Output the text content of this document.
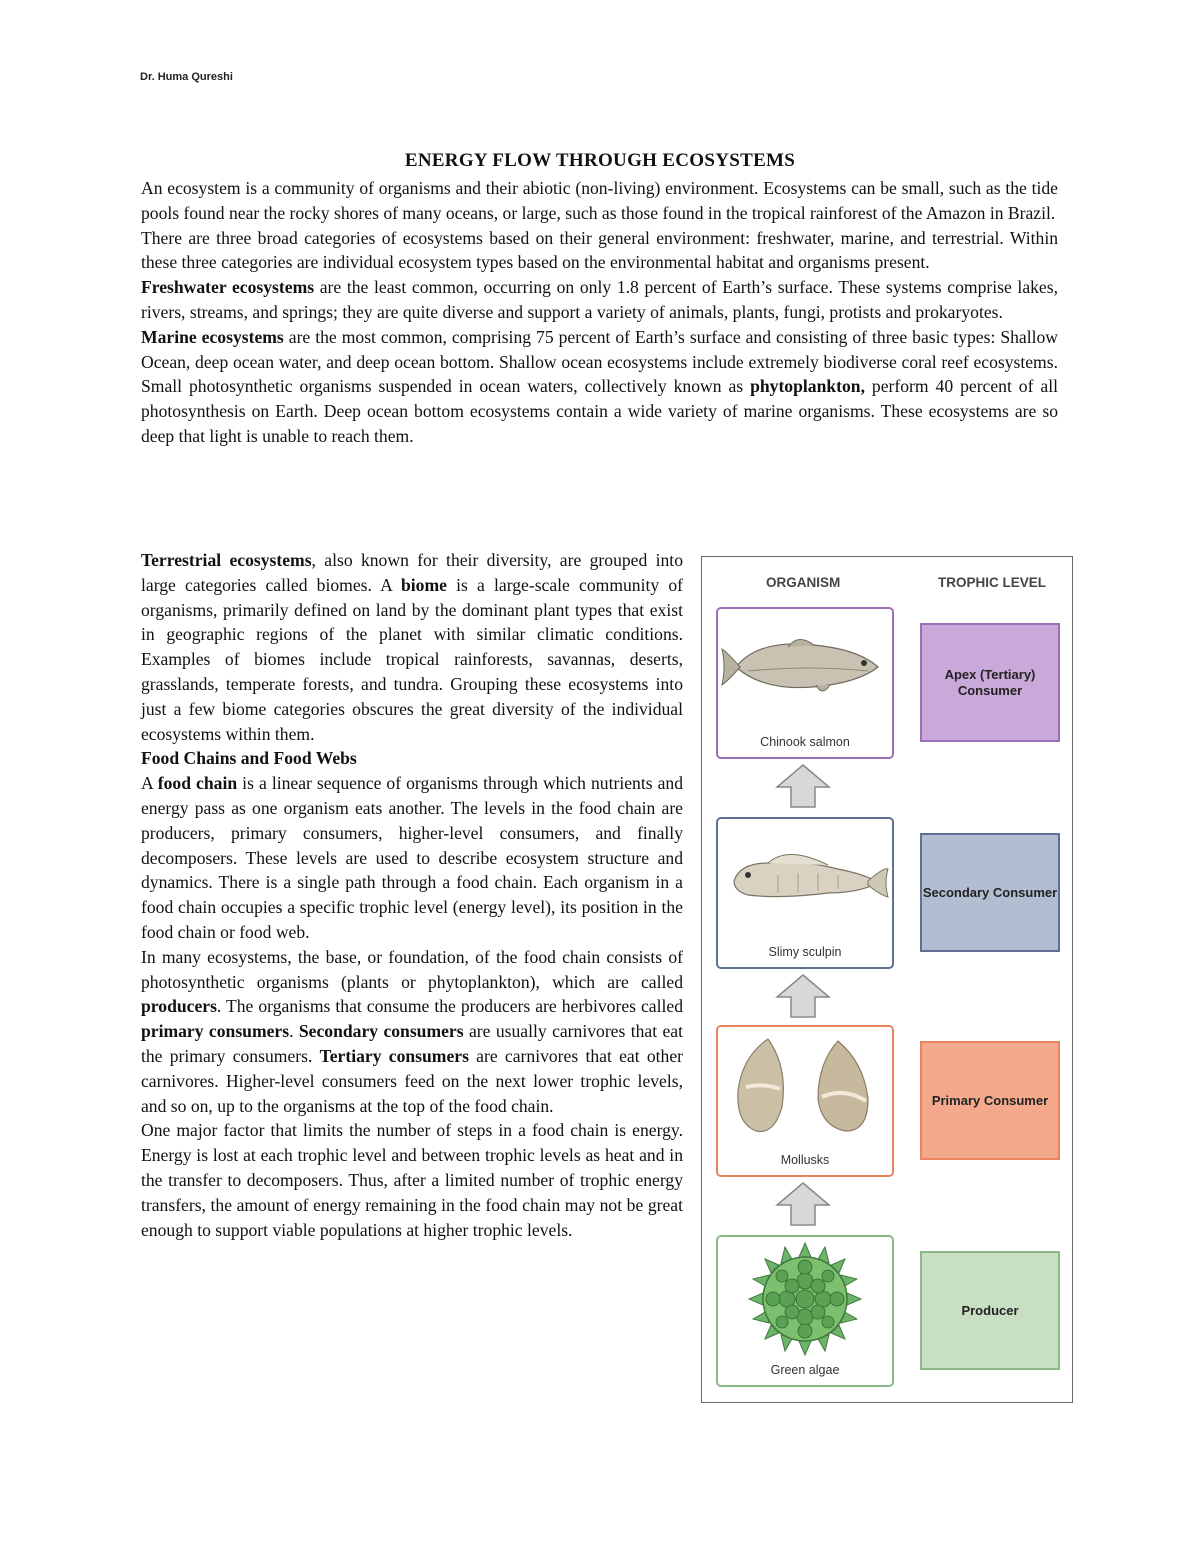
Dr. Huma Qureshi
ENERGY FLOW THROUGH ECOSYSTEMS

An ecosystem is a community of organisms and their abiotic (non-living) environment. Ecosystems can be small, such as the tide pools found near the rocky shores of many oceans, or large, such as those found in the tropical rainforest of the Amazon in Brazil.

There are three broad categories of ecosystems based on their general environment: freshwater, marine, and terrestrial. Within these three categories are individual ecosystem types based on the environmental habitat and organisms present.

Freshwater ecosystems are the least common, occurring on only 1.8 percent of Earth’s surface. These systems comprise lakes, rivers, streams, and springs; they are quite diverse and support a variety of animals, plants, fungi, protists and prokaryotes.

Marine ecosystems are the most common, comprising 75 percent of Earth’s surface and consisting of three basic types: Shallow Ocean, deep ocean water, and deep ocean bottom. Shallow ocean ecosystems include extremely biodiverse coral reef ecosystems. Small photosynthetic organisms suspended in ocean waters, collectively known as phytoplankton, perform 40 percent of all photosynthesis on Earth. Deep ocean bottom ecosystems contain a wide variety of marine organisms. These ecosystems are so deep that light is unable to reach them.

Terrestrial ecosystems, also known for their diversity, are grouped into large categories called biomes. A biome is a large-scale community of organisms, primarily defined on land by the dominant plant types that exist in geographic regions of the planet with similar climatic conditions. Examples of biomes include tropical rainforests, savannas, deserts, grasslands, temperate forests, and tundra. Grouping these ecosystems into just a few biome categories obscures the great diversity of the individual ecosystems within them.

Food Chains and Food Webs

A food chain is a linear sequence of organisms through which nutrients and energy pass as one organism eats another. The levels in the food chain are producers, primary consumers, higher-level consumers, and finally decomposers. These levels are used to describe ecosystem structure and dynamics. There is a single path through a food chain. Each organism in a food chain occupies a specific trophic level (energy level), its position in the food chain or food web.

In many ecosystems, the base, or foundation, of the food chain consists of photosynthetic organisms (plants or phytoplankton), which are called producers. The organisms that consume the producers are herbivores called primary consumers. Secondary consumers are usually carnivores that eat the primary consumers. Tertiary consumers are carnivores that eat other carnivores. Higher-level consumers feed on the next lower trophic levels, and so on, up to the organisms at the top of the food chain.

One major factor that limits the number of steps in a food chain is energy. Energy is lost at each trophic level and between trophic levels as heat and in the transfer to decomposers. Thus, after a limited number of trophic energy transfers, the amount of energy remaining in the food chain may not be great enough to support viable populations at higher trophic levels.

ORGANISM	TROPHIC LEVEL
Chinook salmon
Apex (Tertiary) Consumer
Slimy sculpin
Secondary Consumer
Mollusks
Primary Consumer
Green algae
Producer
